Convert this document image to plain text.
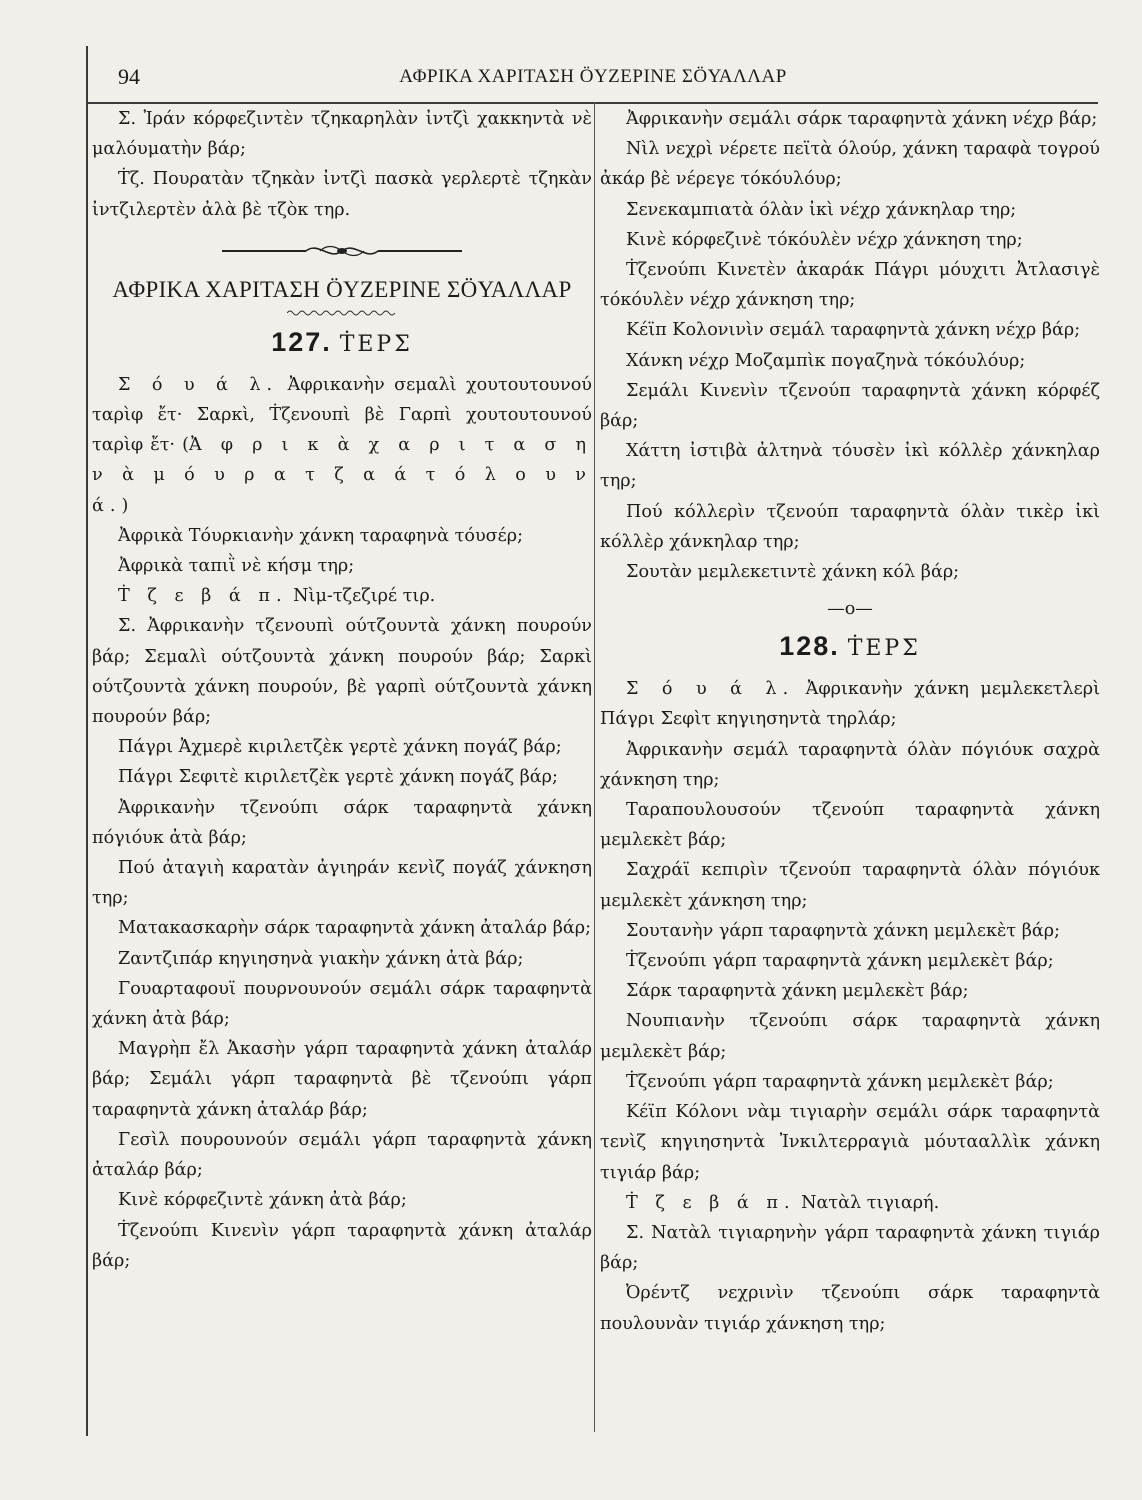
94	ΑΦΡΙΚΑ ΧΑΡΙΤΑΣΗ ÖΥΖΕΡΙΝΕ ΣÖΥΑΛΛΑΡ

Σ. Ἰράν κόρφεζιντὲν τζηκαρηλὰν ἰντζὶ χακκηντὰ νὲ μαλόυματὴν βάρ;

Ṫζ. Πουρατὰν τζηκὰν ἰντζὶ πασκὰ γερλερτὲ τζηκὰν ἰντζιλερτὲν ἀλὰ βὲ τζὸκ τηρ.

ΑΦΡΙΚΑ ΧΑΡΙΤΑΣΗ ÖΥΖΕΡΙΝΕ ΣÖΥΑΛΛΑΡ
127. ṪΕΡΣ

Σ ό υ ά λ. Ἀφρικανὴν σεμαλὶ χουτουτουνού ταρὶφ ἔτ· Σαρκὶ, Ṫζενουπὶ βὲ Γαρπὶ χουτουτουνού ταρὶφ ἔτ· (Ἀ φ ρ ι κ ὰ χ α ρ ι τ α σ η ν ὰ μ ό υ ρ α τ ζ α ά τ ό λ ο υ ν ά.)

Ἀφρικὰ Τόυρκιανὴν χάνκη ταραφηνὰ τόυσέρ;

Ἀφρικὰ ταπιῒ νὲ κήσμ τηρ;

Ṫ ζ ε β ά π. Νὶμ-τζεζιρέ τιρ.

Σ. Ἀφρικανὴν τζενουπὶ ούτζουντὰ χάνκη πουρούν βάρ; Σεμαλὶ ούτζουντὰ χάνκη πουρούν βάρ; Σαρκὶ ούτζουντὰ χάνκη πουρούν, βὲ γαρπὶ ούτζουντὰ χάνκη πουρούν βάρ;

Πάγρι Ἀχμερὲ κιριλετζὲκ γερτὲ χάνκη πογάζ βάρ;

Πάγρι Σεφιτὲ κιριλετζὲκ γερτὲ χάνκη πογάζ βάρ;

Ἀφρικανὴν τζενούπι σάρκ ταραφηντὰ χάνκη πόγιόυκ ἀτὰ βάρ;

Πού ἀταγιὴ καρατὰν ἀγιηράν κενὶζ πογάζ χάνκηση τηρ;

Ματακασκαρὴν σάρκ ταραφηντὰ χάνκη ἀταλάρ βάρ;

Ζαντζιπάρ κηγιησηνὰ γιακὴν χάνκη ἀτὰ βάρ;

Γουαρταφουϊ πουρνουνούν σεμάλι σάρκ ταραφηντὰ χάνκη ἀτὰ βάρ;

Μαγρὴπ ἔλ Ἀκασὴν γάρπ ταραφηντὰ χάνκη ἀταλάρ βάρ; Σεμάλι γάρπ ταραφηντὰ βὲ τζενούπι γάρπ ταραφηντὰ χάνκη ἀταλάρ βάρ;

Γεσὶλ πουρουνούν σεμάλι γάρπ ταραφηντὰ χάνκη ἀταλάρ βάρ;

Κινὲ κόρφεζιντὲ χάνκη ἀτὰ βάρ;

Ṫζενούπι Κινενὶν γάρπ ταραφηντὰ χάνκη ἀταλάρ βάρ;

Ἀφρικανὴν σεμάλι σάρκ ταραφηντὰ χάνκη νέχρ βάρ;

Νὶλ νεχρὶ νέρετε πεϊτὰ όλούρ, χάνκη ταραφὰ τογρού ἀκάρ βὲ νέρεγε τόκόυλόυρ;

Σενεκαμπιατὰ όλὰν ἰκὶ νέχρ χάνκηλαρ τηρ;

Κινὲ κόρφεζινὲ τόκόυλὲν νέχρ χάνκηση τηρ;

Ṫζενούπι Κινετὲν ἀκαράκ Πάγρι μόυχιτι Ἀτλασιγὲ τόκόυλὲν νέχρ χάνκηση τηρ;

Κέϊπ Κολονινὶν σεμάλ ταραφηντὰ χάνκη νέχρ βάρ;

Χάνκη νέχρ Μοζαμπὶκ πογαζηνὰ τόκόυλόυρ;

Σεμάλι Κινενὶν τζενούπ ταραφηντὰ χάνκη κόρφέζ βάρ;

Χάττη ἰστιβὰ ἀλτηνὰ τόυσὲν ἰκὶ κόλλὲρ χάνκηλαρ τηρ;

Πού κόλλερὶν τζενούπ ταραφηντὰ όλὰν τικὲρ ἰκὶ κόλλὲρ χάνκηλαρ τηρ;

Σουτὰν μεμλεκετιντὲ χάνκη κόλ βάρ;

—ο—
128. ṪΕΡΣ

Σ ό υ ά λ. Ἀφρικανὴν χάνκη μεμλεκετλερὶ Πάγρι Σεφὶτ κηγιησηντὰ τηρλάρ;

Ἀφρικανὴν σεμάλ ταραφηντὰ όλὰν πόγιόυκ σαχρὰ χάνκηση τηρ;

Ταραπουλουσούν τζενούπ ταραφηντὰ χάνκη μεμλεκὲτ βάρ;

Σαχράϊ κεπιρὶν τζενούπ ταραφηντὰ όλὰν πόγιόυκ μεμλεκὲτ χάνκηση τηρ;

Σουτανὴν γάρπ ταραφηντὰ χάνκη μεμλεκὲτ βάρ;

Ṫζενούπι γάρπ ταραφηντὰ χάνκη μεμλεκὲτ βάρ;

Σάρκ ταραφηντὰ χάνκη μεμλεκὲτ βάρ;

Νουπιανὴν τζενούπι σάρκ ταραφηντὰ χάνκη μεμλεκὲτ βάρ;

Ṫζενούπι γάρπ ταραφηντὰ χάνκη μεμλεκὲτ βάρ;

Κέϊπ Κόλονι νὰμ τιγιαρὴν σεμάλι σάρκ ταραφηντὰ τενὶζ κηγιησηντὰ Ἰνκιλτερραγιὰ μόυτααλλὶκ χάνκη τιγιάρ βάρ;

Ṫ ζ ε β ά π. Νατὰλ τιγιαρή.

Σ. Νατὰλ τιγιαρηνὴν γάρπ ταραφηντὰ χάνκη τιγιάρ βάρ;

Ὀρέντζ νεχρινὶν τζενούπι σάρκ ταραφηντὰ πουλουνὰν τιγιάρ χάνκηση τηρ;
